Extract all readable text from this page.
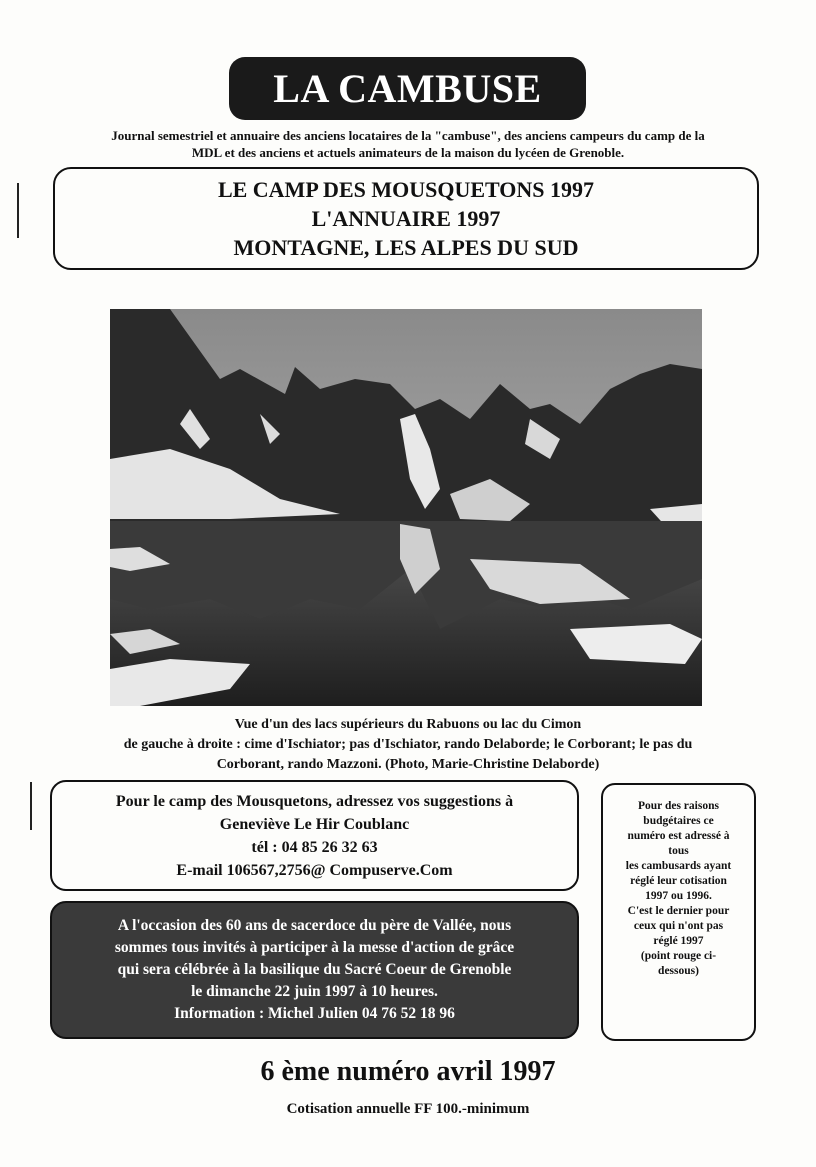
LA CAMBUSE
Journal semestriel et annuaire des anciens locataires de la "cambuse", des anciens campeurs du camp de la
MDL et des anciens et actuels animateurs de la maison du lycéen de Grenoble.
LE CAMP DES MOUSQUETONS 1997
L'ANNUAIRE 1997
MONTAGNE, LES ALPES DU SUD
Vue d'un des lacs supérieurs du Rabuons ou lac du Cimon
de gauche à droite : cime d'Ischiator; pas d'Ischiator, rando Delaborde; le Corborant; le pas du
Corborant, rando Mazzoni. (Photo, Marie-Christine Delaborde)
Pour le camp des Mousquetons, adressez vos suggestions à
Geneviève Le Hir Coublanc
tél : 04 85 26 32 63
E-mail 106567,2756@ Compuserve.Com
A l'occasion des 60 ans de sacerdoce du père de Vallée, nous
sommes tous invités à participer à la messe d'action de grâce
qui sera célébrée à la basilique du Sacré Coeur de Grenoble
le dimanche 22 juin 1997 à 10 heures.
Information : Michel Julien 04 76 52 18 96
Pour des raisons
budgétaires ce
numéro est adressé à
tous
les cambusards ayant
réglé leur cotisation
1997 ou 1996.
C'est le dernier pour
ceux qui n'ont pas
réglé 1997
(point rouge ci-
dessous)
6 ème numéro avril 1997
Cotisation annuelle FF 100.-minimum
